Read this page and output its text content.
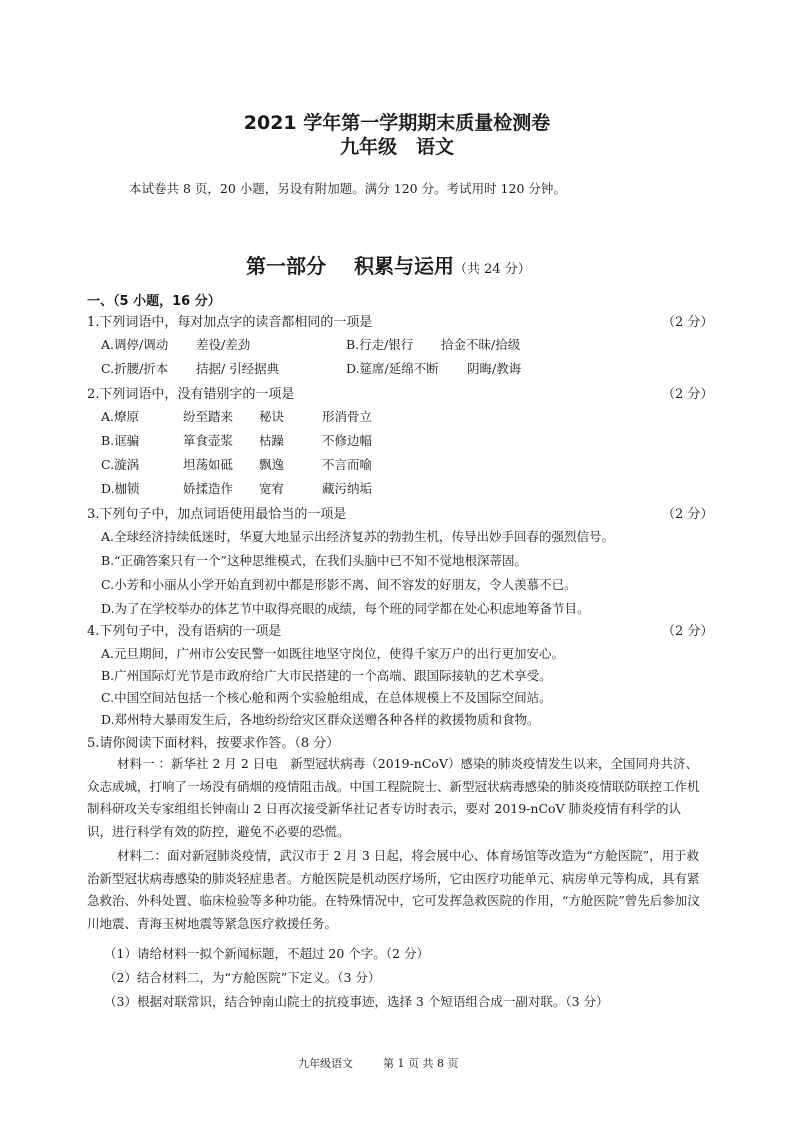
2021 学年第一学期期末质量检测卷
九年级　语文
本试卷共 8 页，20 小题，另设有附加题。满分 120 分。考试用时 120 分钟。
第一部分 积累与运用（共 24 分）
一、（5 小题，16 分）
1.下列词语中，每对加点字的读音都相同的一项是	（2 分）
A.调停/调动 差役/差劲	B.行走/银行 拾金不昧/拾级
C.折腰/折本 拮据/ 引经据典	D.筵席/延绵不断 阴晦/教诲
2.下列词语中，没有错别字的一项是	（2 分）
A.燎原	纷至踏来 秘诀	形消骨立
B.诓骗	箪食壶浆 枯躁	不修边幅
C.漩涡	坦荡如砥 飘逸	不言而喻
D.枷锁	娇揉造作 宽宥	藏污纳垢
3.下列句子中，加点词语使用最恰当的一项是	（2 分）
A.全球经济持续低迷时，华夏大地显示出经济复苏的勃勃生机，传导出妙手回春的强烈信号。
B.“正确答案只有一个”这种思维模式，在我们头脑中已不知不觉地根深蒂固。
C.小芳和小丽从小学开始直到初中都是形影不离、间不容发的好朋友，令人羡慕不已。
D.为了在学校举办的体艺节中取得亮眼的成绩，每个班的同学都在处心积虑地筹备节目。
4.下列句子中，没有语病的一项是	（2 分）
A.元旦期间，广州市公安民警一如既往地坚守岗位，使得千家万户的出行更加安心。
B.广州国际灯光节是市政府给广大市民搭建的一个高端、跟国际接轨的艺术享受。
C.中国空间站包括一个核心舱和两个实验舱组成，在总体规模上不及国际空间站。
D.郑州特大暴雨发生后，各地纷纷给灾区群众送赠各种各样的救援物质和食物。
5.请你阅读下面材料，按要求作答。（8 分）
材料一 ：新华社 2 月 2 日电　新型冠状病毒（2019-nCoV）感染的肺炎疫情发生以来，全国同舟共济、众志成城，打响了一场没有硝烟的疫情阻击战。中国工程院院士、新型冠状病毒感染的肺炎疫情联防联控工作机制科研攻关专家组组长钟南山 2 日再次接受新华社记者专访时表示，要对 2019-nCoV 肺炎疫情有科学的认识，进行科学有效的防控，避免不必要的恐慌。
材料二：面对新冠肺炎疫情，武汉市于 2 月 3 日起，将会展中心、体育场馆等改造为“方舱医院”，用于救治新型冠状病毒感染的肺炎轻症患者。方舱医院是机动医疗场所，它由医疗功能单元、病房单元等构成，具有紧急救治、外科处置、临床检验等多种功能。在特殊情况中，它可发挥急救医院的作用，“方舱医院”曾先后参加汶川地震、青海玉树地震等紧急医疗救援任务。
（1）请给材料一拟个新闻标题，不超过 20 个字。（2 分）
（2）结合材料二，为“方舱医院”下定义。（3 分）
（3）根据对联常识，结合钟南山院士的抗疫事迹，选择 3 个短语组合成一副对联。（3 分）
九年级语文	第 1 页 共 8 页
